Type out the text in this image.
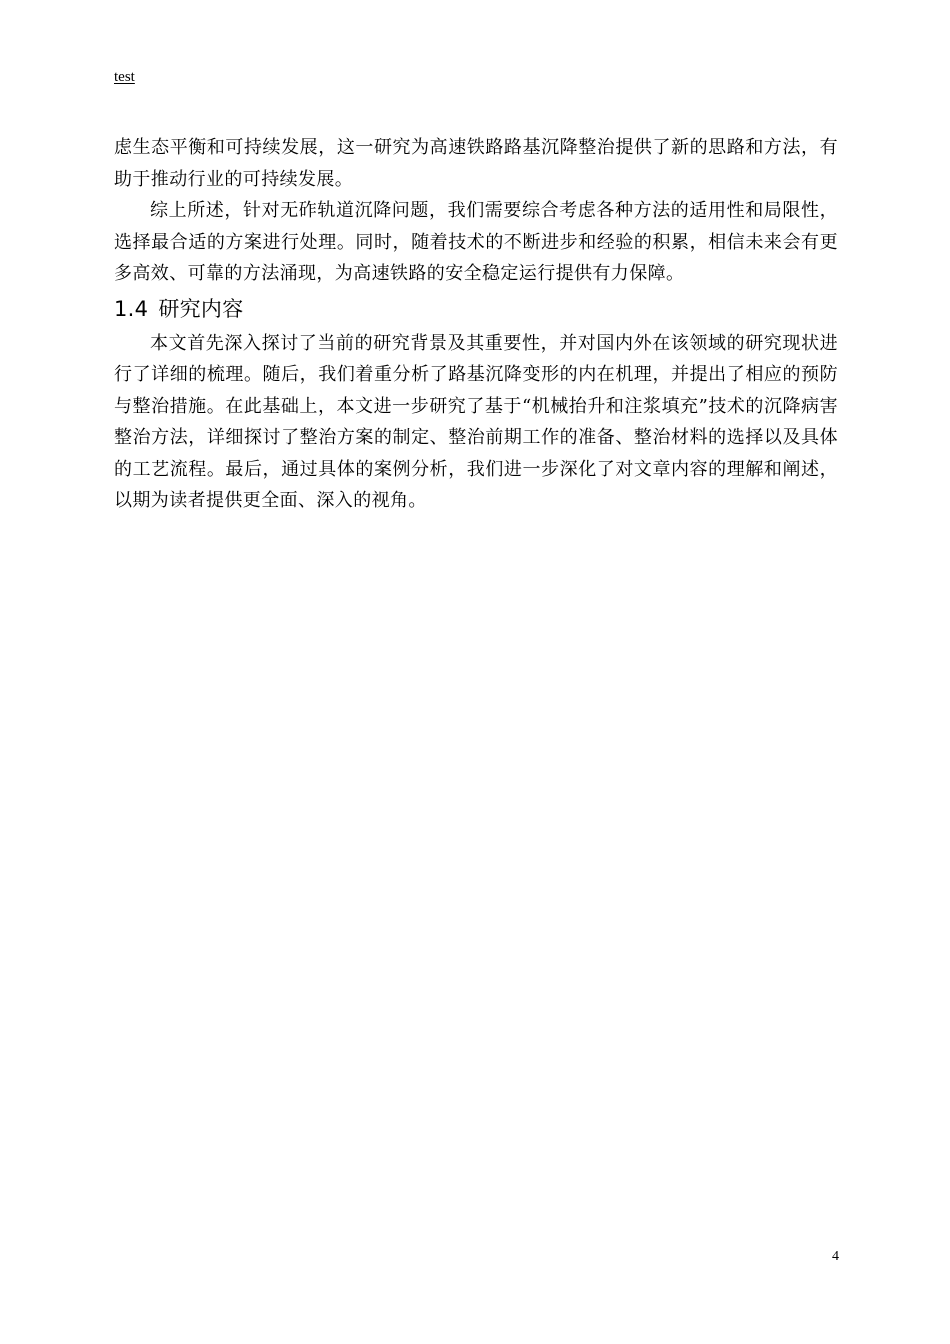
test

虑生态平衡和可持续发展，这一研究为高速铁路路基沉降整治提供了新的思路和方法，有助于推动行业的可持续发展。

综上所述，针对无砟轨道沉降问题，我们需要综合考虑各种方法的适用性和局限性，选择最合适的方案进行处理。同时，随着技术的不断进步和经验的积累，相信未来会有更多高效、可靠的方法涌现，为高速铁路的安全稳定运行提供有力保障。

1.4 研究内容

本文首先深入探讨了当前的研究背景及其重要性，并对国内外在该领域的研究现状进行了详细的梳理。随后，我们着重分析了路基沉降变形的内在机理，并提出了相应的预防与整治措施。在此基础上，本文进一步研究了基于“机械抬升和注浆填充”技术的沉降病害整治方法，详细探讨了整治方案的制定、整治前期工作的准备、整治材料的选择以及具体的工艺流程。最后，通过具体的案例分析，我们进一步深化了对文章内容的理解和阐述，以期为读者提供更全面、深入的视角。

4
